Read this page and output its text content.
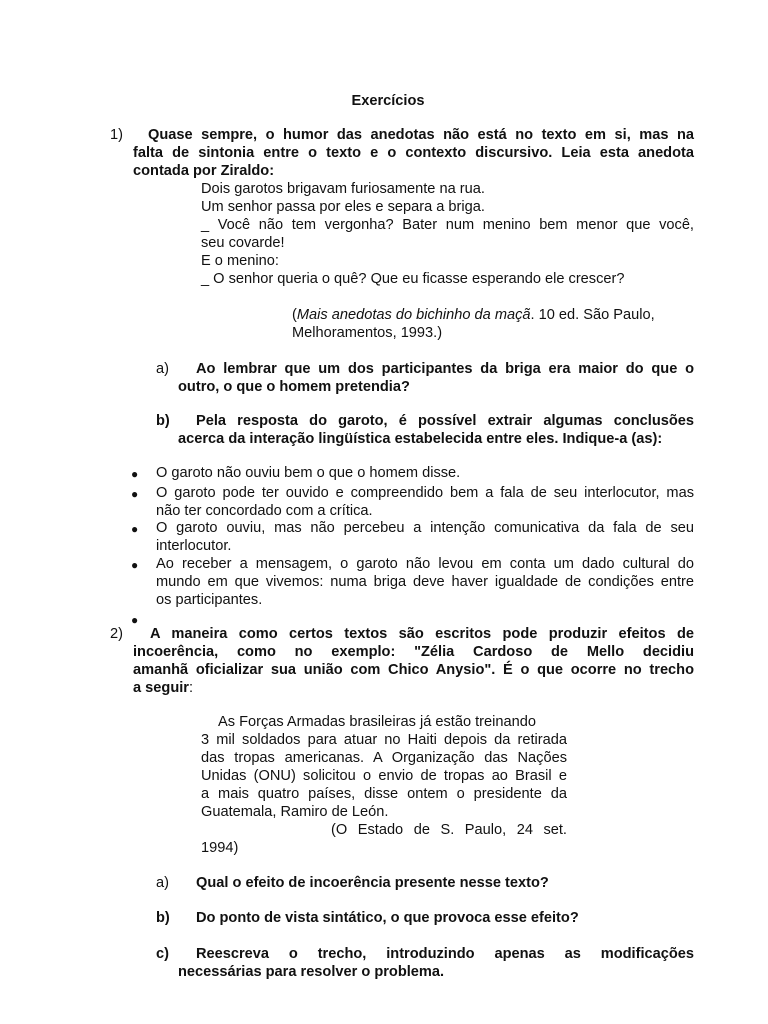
Exercícios
1) Quase sempre, o humor das anedotas não está no texto em si, mas na
falta de sintonia entre o texto e o contexto discursivo. Leia esta anedota
contada por Ziraldo:
Dois garotos brigavam furiosamente na rua.
Um senhor passa por eles e separa a briga.
_ Você não tem vergonha? Bater num menino bem menor que você,
seu covarde!
E o menino:
_ O senhor queria o quê? Que eu ficasse esperando ele crescer?
(Mais anedotas do bichinho da maçã. 10 ed. São Paulo,
Melhoramentos, 1993.)
a) Ao lembrar que um dos participantes da briga era maior do que o
outro, o que o homem pretendia?
b) Pela resposta do garoto, é possível extrair algumas conclusões
acerca da interação lingüística estabelecida entre eles. Indique-a (as):
● O garoto não ouviu bem o que o homem disse.
● O garoto pode ter ouvido e compreendido bem a fala de seu interlocutor, mas
não ter concordado com a crítica.
● O garoto ouviu, mas não percebeu a intenção comunicativa da fala de seu
interlocutor.
● Ao receber a mensagem, o garoto não levou em conta um dado cultural do
mundo em que vivemos: numa briga deve haver igualdade de condições entre
os participantes.
●
2) A maneira como certos textos são escritos pode produzir efeitos de
incoerência, como no exemplo: "Zélia Cardoso de Mello decidiu
amanhã oficializar sua união com Chico Anysio". É o que ocorre no trecho
a seguir:
As Forças Armadas brasileiras já estão treinando
3 mil soldados para atuar no Haiti depois da retirada
das tropas americanas. A Organização das Nações
Unidas (ONU) solicitou o envio de tropas ao Brasil e
a mais quatro países, disse ontem o presidente da
Guatemala, Ramiro de León.
(O Estado de S. Paulo, 24 set.
1994)
a) Qual o efeito de incoerência presente nesse texto?
b) Do ponto de vista sintático, o que provoca esse efeito?
c) Reescreva o trecho, introduzindo apenas as modificações
necessárias para resolver o problema.
